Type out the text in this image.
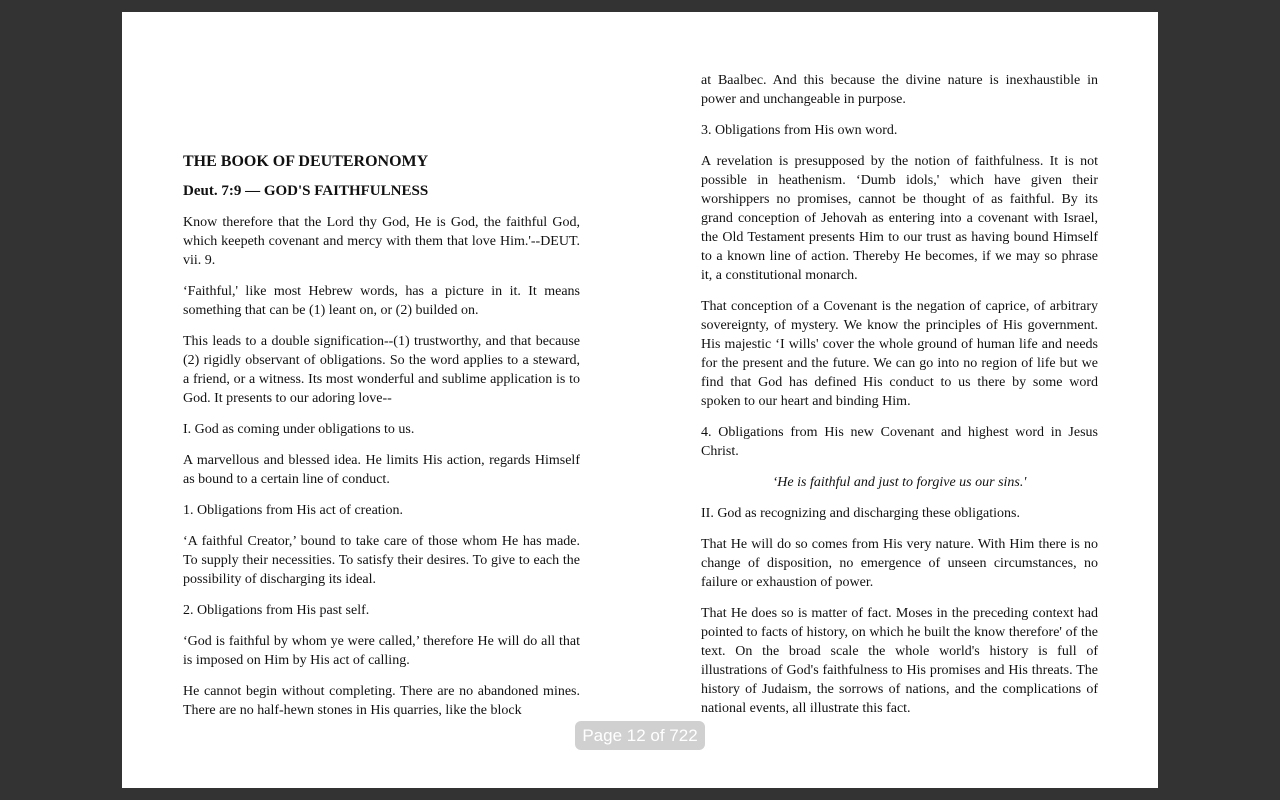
THE BOOK OF DEUTERONOMY
Deut. 7:9 — GOD'S FAITHFULNESS

Know therefore that the Lord thy God, He is God, the faithful God, which keepeth covenant and mercy with them that love Him.'--DEUT. vii. 9.

‘Faithful,' like most Hebrew words, has a picture in it. It means something that can be (1) leant on, or (2) builded on.

This leads to a double signification--(1) trustworthy, and that because (2) rigidly observant of obligations. So the word applies to a steward, a friend, or a witness. Its most wonderful and sublime application is to God. It presents to our adoring love--

I. God as coming under obligations to us.

A marvellous and blessed idea. He limits His action, regards Himself as bound to a certain line of conduct.

1. Obligations from His act of creation.

‘A faithful Creator,’ bound to take care of those whom He has made. To supply their necessities. To satisfy their desires. To give to each the possibility of discharging its ideal.

2. Obligations from His past self.

‘God is faithful by whom ye were called,’ therefore He will do all that is imposed on Him by His act of calling.

He cannot begin without completing. There are no abandoned mines. There are no half-hewn stones in His quarries, like the block

at Baalbec. And this because the divine nature is inexhaustible in power and unchangeable in purpose.

3. Obligations from His own word.

A revelation is presupposed by the notion of faithfulness. It is not possible in heathenism. ‘Dumb idols,' which have given their worshippers no promises, cannot be thought of as faithful. By its grand conception of Jehovah as entering into a covenant with Israel, the Old Testament presents Him to our trust as having bound Himself to a known line of action. Thereby He becomes, if we may so phrase it, a constitutional monarch.

That conception of a Covenant is the negation of caprice, of arbitrary sovereignty, of mystery. We know the principles of His government. His majestic ‘I wills' cover the whole ground of human life and needs for the present and the future. We can go into no region of life but we find that God has defined His conduct to us there by some word spoken to our heart and binding Him.

4. Obligations from His new Covenant and highest word in Jesus Christ.

‘He is faithful and just to forgive us our sins.'

II. God as recognizing and discharging these obligations.

That He will do so comes from His very nature. With Him there is no change of disposition, no emergence of unseen circumstances, no failure or exhaustion of power.

That He does so is matter of fact. Moses in the preceding context had pointed to facts of history, on which he built the know therefore' of the text. On the broad scale the whole world's history is full of illustrations of God's faithfulness to His promises and His threats. The history of Judaism, the sorrows of nations, and the complications of national events, all illustrate this fact.

Page 12 of 722
